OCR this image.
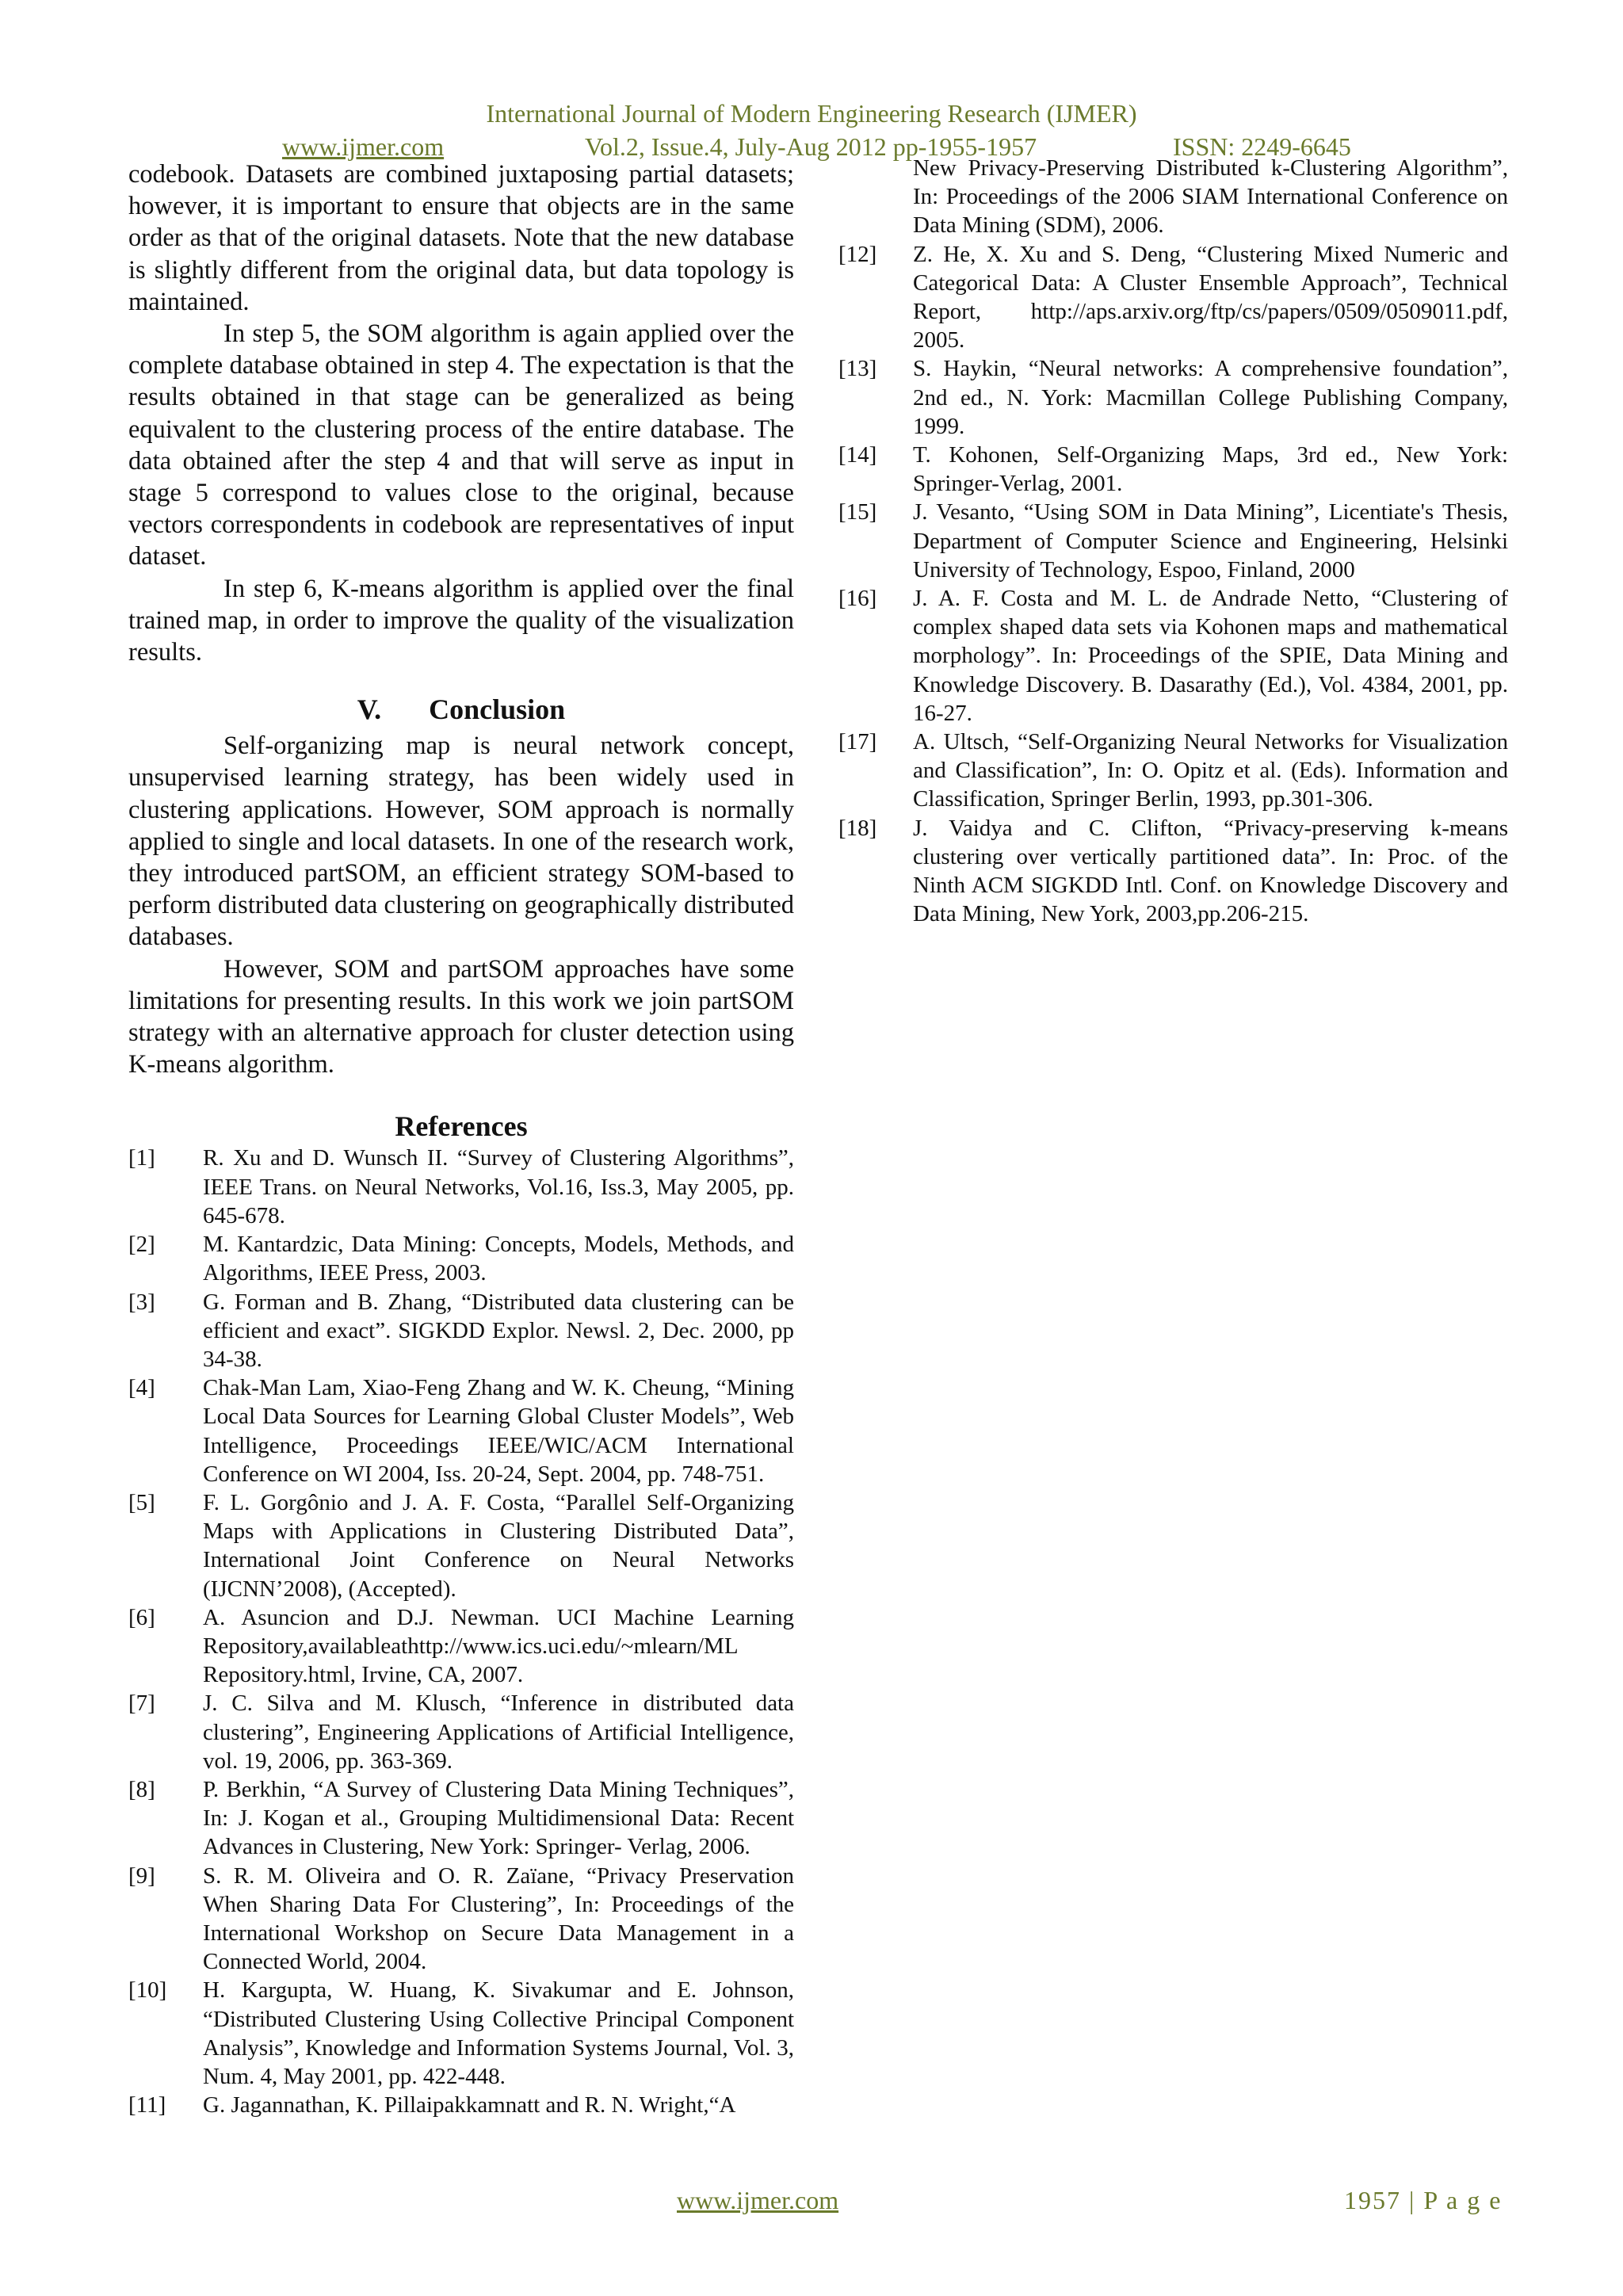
International Journal of Modern Engineering Research (IJMER)
www.ijmer.com	Vol.2, Issue.4, July-Aug 2012 pp-1955-1957	ISSN: 2249-6645

codebook. Datasets are combined juxtaposing partial datasets; however, it is important to ensure that objects are in the same order as that of the original datasets. Note that the new database is slightly different from the original data, but data topology is maintained.

In step 5, the SOM algorithm is again applied over the complete database obtained in step 4. The expectation is that the results obtained in that stage can be generalized as being equivalent to the clustering process of the entire database. The data obtained after the step 4 and that will serve as input in stage 5 correspond to values close to the original, because vectors correspondents in codebook are representatives of input dataset.

In step 6, K-means algorithm is applied over the final trained map, in order to improve the quality of the visualization results.

V. Conclusion

Self-organizing map is neural network concept, unsupervised learning strategy, has been widely used in clustering applications. However, SOM approach is normally applied to single and local datasets. In one of the research work, they introduced partSOM, an efficient strategy SOM-based to perform distributed data clustering on geographically distributed databases.

However, SOM and partSOM approaches have some limitations for presenting results. In this work we join partSOM strategy with an alternative approach for cluster detection using K-means algorithm.

References
[1]	R. Xu and D. Wunsch II. “Survey of Clustering Algorithms”, IEEE Trans. on Neural Networks, Vol.16, Iss.3, May 2005, pp. 645-678.
[2]	M. Kantardzic, Data Mining: Concepts, Models, Methods, and Algorithms, IEEE Press, 2003.
[3]	G. Forman and B. Zhang, “Distributed data clustering can be efficient and exact”. SIGKDD Explor. Newsl. 2, Dec. 2000, pp 34-38.
[4]	Chak-Man Lam, Xiao-Feng Zhang and W. K. Cheung, “Mining Local Data Sources for Learning Global Cluster Models”, Web Intelligence, Proceedings IEEE/WIC/ACM International Conference on WI 2004, Iss. 20-24, Sept. 2004, pp. 748-751.
[5]	F. L. Gorgônio and J. A. F. Costa, “Parallel Self-Organizing Maps with Applications in Clustering Distributed Data”, International Joint Conference on Neural Networks (IJCNN’2008), (Accepted).
[6]	A. Asuncion and D.J. Newman. UCI Machine Learning Repository,availableathttp://www.ics.uci.edu/~mlearn/ML Repository.html, Irvine, CA, 2007.
[7]	J. C. Silva and M. Klusch, “Inference in distributed data clustering”, Engineering Applications of Artificial Intelligence, vol. 19, 2006, pp. 363-369.
[8]	P. Berkhin, “A Survey of Clustering Data Mining Techniques”, In: J. Kogan et al., Grouping Multidimensional Data: Recent Advances in Clustering, New York: Springer- Verlag, 2006.
[9]	S. R. M. Oliveira and O. R. Zaïane, “Privacy Preservation When Sharing Data For Clustering”, In: Proceedings of the International Workshop on Secure Data Management in a Connected World, 2004.
[10]	H. Kargupta, W. Huang, K. Sivakumar and E. Johnson, “Distributed Clustering Using Collective Principal Component Analysis”, Knowledge and Information Systems Journal, Vol. 3, Num. 4, May 2001, pp. 422-448.
[11]	G. Jagannathan, K. Pillaipakkamnatt and R. N. Wright,“A
New Privacy-Preserving Distributed k-Clustering Algorithm”, In: Proceedings of the 2006 SIAM International Conference on Data Mining (SDM), 2006.
[12]	Z. He, X. Xu and S. Deng, “Clustering Mixed Numeric and Categorical Data: A Cluster Ensemble Approach”, Technical Report, http://aps.arxiv.org/ftp/cs/papers/0509/0509011.pdf, 2005.
[13]	S. Haykin, “Neural networks: A comprehensive foundation”, 2nd ed., N. York: Macmillan College Publishing Company, 1999.
[14]	T. Kohonen, Self-Organizing Maps, 3rd ed., New York: Springer-Verlag, 2001.
[15]	J. Vesanto, “Using SOM in Data Mining”, Licentiate's Thesis, Department of Computer Science and Engineering, Helsinki University of Technology, Espoo, Finland, 2000
[16]	J. A. F. Costa and M. L. de Andrade Netto, “Clustering of complex shaped data sets via Kohonen maps and mathematical morphology”. In: Proceedings of the SPIE, Data Mining and Knowledge Discovery. B. Dasarathy (Ed.), Vol. 4384, 2001, pp. 16-27.
[17]	A. Ultsch, “Self-Organizing Neural Networks for Visualization and Classification”, In: O. Opitz et al. (Eds). Information and Classification, Springer Berlin, 1993, pp.301-306.
[18]	J. Vaidya and C. Clifton, “Privacy-preserving k-means clustering over vertically partitioned data”. In: Proc. of the Ninth ACM SIGKDD Intl. Conf. on Knowledge Discovery and Data Mining, New York, 2003,pp.206-215.
www.ijmer.com	1957 | P a g e
